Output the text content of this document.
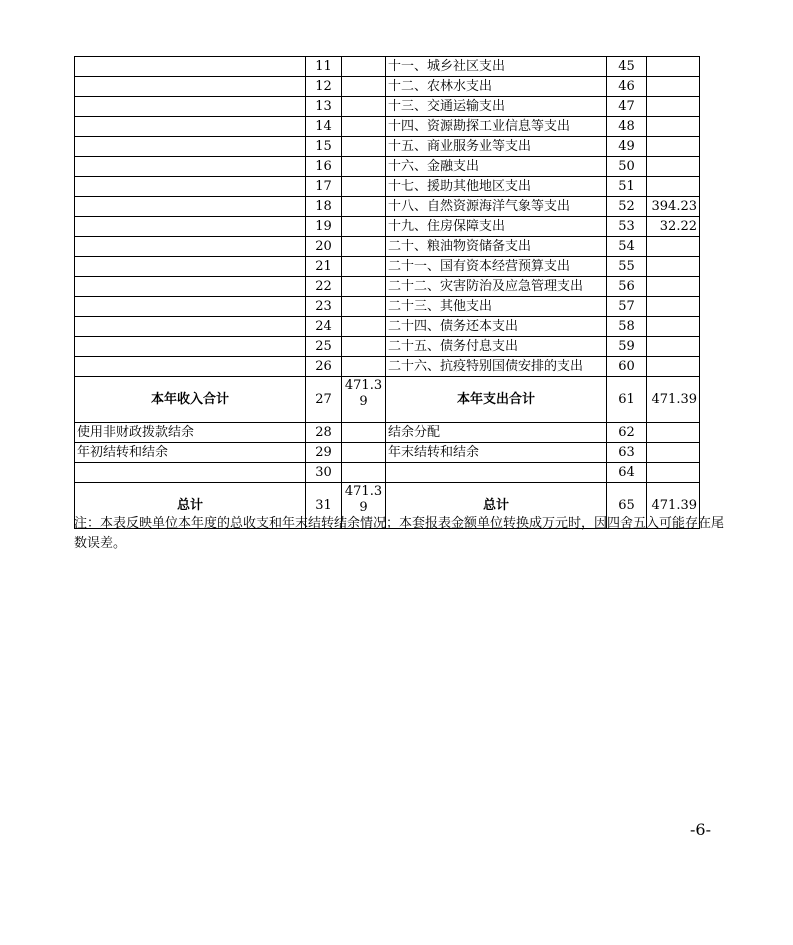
	11		十一、城乡社区支出	45	
	12		十二、农林水支出	46	
	13		十三、交通运输支出	47	
	14		十四、资源勘探工业信息等支出	48	
	15		十五、商业服务业等支出	49	
	16		十六、金融支出	50	
	17		十七、援助其他地区支出	51	
	18		十八、自然资源海洋气象等支出	52	394.23
	19		十九、住房保障支出	53	32.22
	20		二十、粮油物资储备支出	54	
	21		二十一、国有资本经营预算支出	55	
	22		二十二、灾害防治及应急管理支出	56	
	23		二十三、其他支出	57	
	24		二十四、债务还本支出	58	
	25		二十五、债务付息支出	59	
	26		二十六、抗疫特别国债安排的支出	60	
本年收入合计	27	471.39	本年支出合计	61	471.39
使用非财政拨款结余	28		结余分配	62	
年初结转和结余	29		年末结转和结余	63	
	30			64	
总计	31	471.39	总计	65	471.39
注：本表反映单位本年度的总收支和年末结转结余情况；本套报表金额单位转换成万元时，因四舍五入可能存在尾数误差。
-6-
